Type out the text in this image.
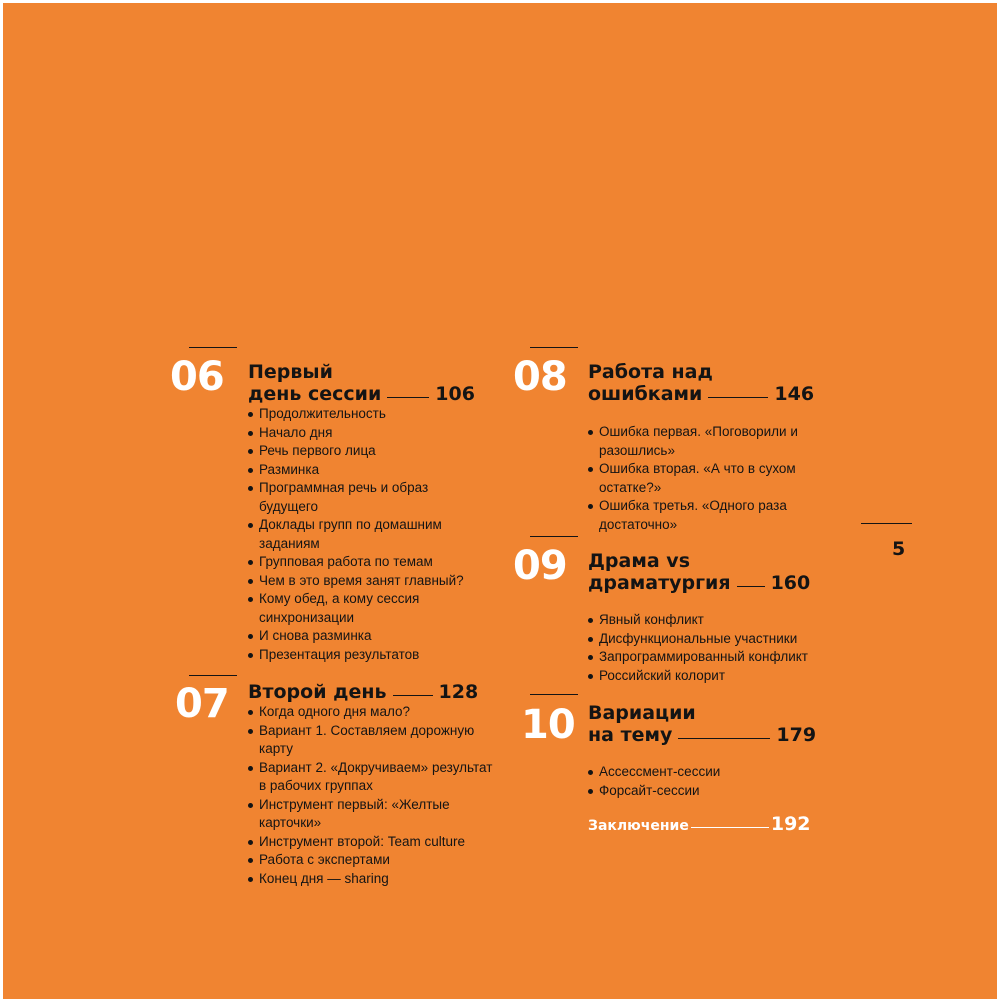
06 Первый
день сессии	106
Продолжительность
Начало дня
Речь первого лица
Разминка
Программная речь и образ
будущего
Доклады групп по домашним
заданиям
Групповая работа по темам
Чем в это время занят главный?
Кому обед, а кому сессия
синхронизации
И снова разминка
Презентация результатов
07 Второй день	128
Когда одного дня мало?
Вариант 1. Составляем дорожную
карту
Вариант 2. «Докручиваем» результат
в рабочих группах
Инструмент первый: «Желтые
карточки»
Инструмент второй: Team culture
Работа с экспертами
Конец дня — sharing
08 Работа над
ошибками	146
Ошибка первая. «Поговорили и
разошлись»
Ошибка вторая. «А что в сухом
остатке?»
Ошибка третья. «Одного раза
достаточно»
09 Драма vs
драматургия 160
Явный конфликт
Дисфункциональные участники
Запрограммированный конфликт
Российский колорит
10 Вариации
на тему	179
Ассессмент-сессии
Форсайт-сессии
Заключение	192
5
